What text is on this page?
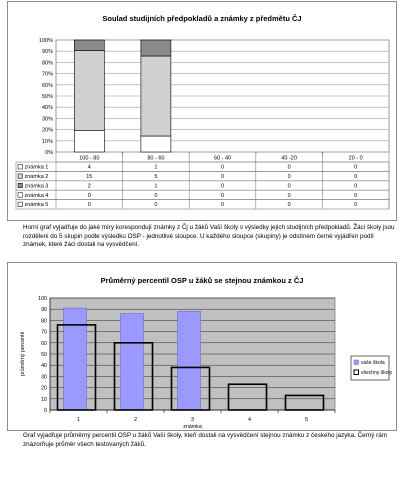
Soulad studijních předpokladů a známky z předmětu ČJ
0%
10%
20%
30%
40%
50%
60%
70%
80%
90%
100%
100 - 80	80 - 60	60 - 40	40 -20	20 - 0
známka 1	4	1	0	0	0
známka 2	15	5	0	0	0
známka 3	2	1	0	0	0
známka 4	0	0	0	0	0
známka 5	0	0	0	0	0
Horní graf vyjadřuje do jaké míry korespondují známky z Čj u žáků Vaší školy s výsledky jejich studijních předpokladů. Žáci školy jsou rozděleni do 5 skupin podle výsledku OSP - jednotlivé sloupce. U každého sloupce (skupiny) je odstínem černé vyjádřen podíl známek, které žáci dostali na vysvědčení.
Průměrný percentil OSP u žáků se stejnou známkou z ČJ
0
10
20
30
40
50
60
70
80
90
100
1	2	3	4	5
známka
průměrný percentil	vaše škola
všechny školy
Graf vyjadřuje průměrný percentil OSP u žáků Vaší školy, kteří dostali na vysvědčení stejnou známku z českého jazyka. Černý rám znázorňuje průměr všech testovaných žáků.
